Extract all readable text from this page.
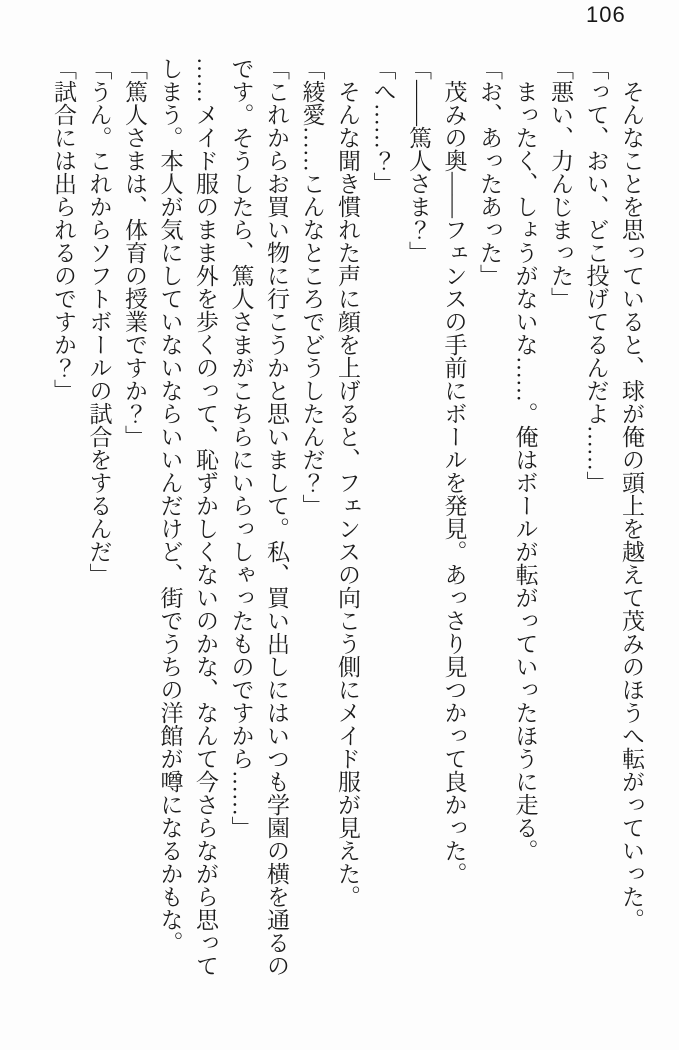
106

そんなことを思っていると、球が俺の頭上を越えて茂みのほうへ転がっていった。

「って、おい、どこ投げてるんだよ……」

「悪い、力んじまった」

まったく、しょうがないな……。俺はボールが転がっていったほうに走る。

「お、あったあった」

茂みの奥――フェンスの手前にボールを発見。あっさり見つかって良かった。

「――篤人さま？」

「へ……？」

そんな聞き慣れた声に顔を上げると、フェンスの向こう側にメイド服が見えた。

「綾愛……こんなところでどうしたんだ？」

「これからお買い物に行こうかと思いまして。私、買い出しにはいつも学園の横を通るのです。そうしたら、篤人さまがこちらにいらっしゃったものですから……」

……メイド服のまま外を歩くのって、恥ずかしくないのかな、なんて今さらながら思ってしまう。本人が気にしていないならいいんだけど、街でうちの洋館が噂になるかもな。

「篤人さまは、体育の授業ですか？」

「うん。これからソフトボールの試合をするんだ」

「試合には出られるのですか？」
